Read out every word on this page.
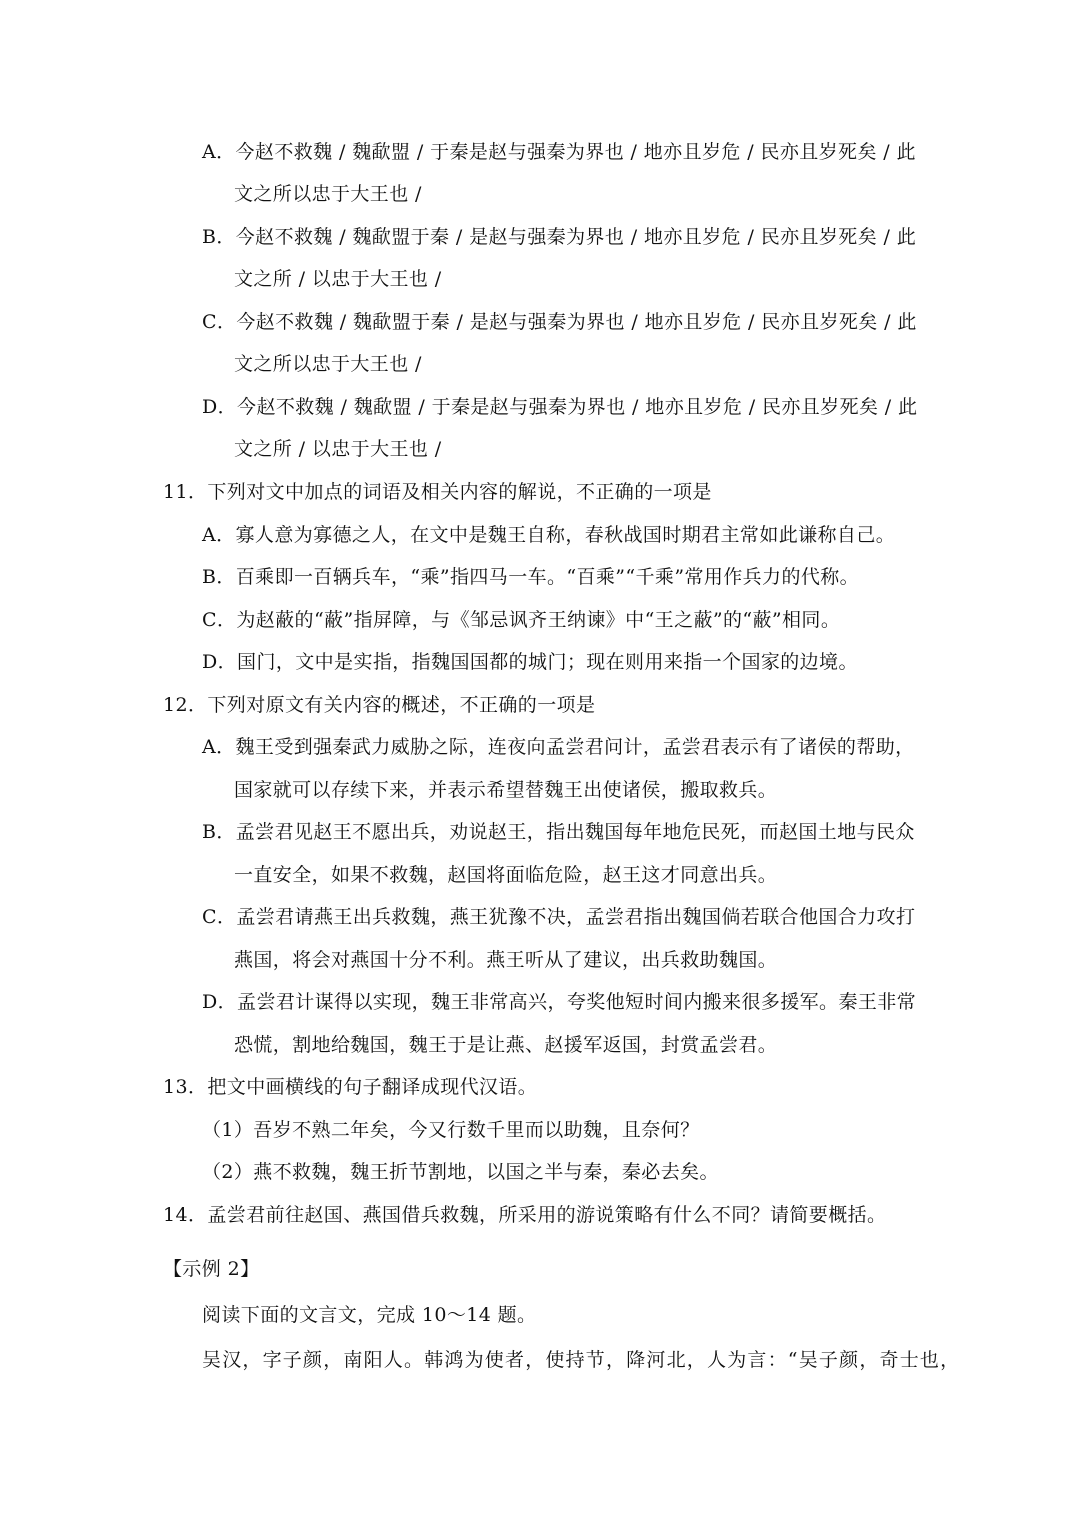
A．今赵不救魏 / 魏歃盟 / 于秦是赵与强秦为界也 / 地亦且岁危 / 民亦且岁死矣 / 此
文之所以忠于大王也 /
B．今赵不救魏 / 魏歃盟于秦 / 是赵与强秦为界也 / 地亦且岁危 / 民亦且岁死矣 / 此
文之所 / 以忠于大王也 /
C．今赵不救魏 / 魏歃盟于秦 / 是赵与强秦为界也 / 地亦且岁危 / 民亦且岁死矣 / 此
文之所以忠于大王也 /
D．今赵不救魏 / 魏歃盟 / 于秦是赵与强秦为界也 / 地亦且岁危 / 民亦且岁死矣 / 此
文之所 / 以忠于大王也 /
11．下列对文中加点的词语及相关内容的解说，不正确的一项是
A．寡人意为寡德之人，在文中是魏王自称，春秋战国时期君主常如此谦称自己。
B．百乘即一百辆兵车，“乘”指四马一车。“百乘”“千乘”常用作兵力的代称。
C．为赵蔽的“蔽”指屏障，与《邹忌讽齐王纳谏》中“王之蔽”的“蔽”相同。
D．国门，文中是实指，指魏国国都的城门；现在则用来指一个国家的边境。
12．下列对原文有关内容的概述，不正确的一项是
A．魏王受到强秦武力威胁之际，连夜向孟尝君问计，孟尝君表示有了诸侯的帮助，
国家就可以存续下来，并表示希望替魏王出使诸侯，搬取救兵。
B．孟尝君见赵王不愿出兵，劝说赵王，指出魏国每年地危民死，而赵国土地与民众
一直安全，如果不救魏，赵国将面临危险，赵王这才同意出兵。
C．孟尝君请燕王出兵救魏，燕王犹豫不决，孟尝君指出魏国倘若联合他国合力攻打
燕国，将会对燕国十分不利。燕王听从了建议，出兵救助魏国。
D．孟尝君计谋得以实现，魏王非常高兴，夸奖他短时间内搬来很多援军。秦王非常
恐慌，割地给魏国，魏王于是让燕、赵援军返国，封赏孟尝君。
13．把文中画横线的句子翻译成现代汉语。
（1）吾岁不熟二年矣，今又行数千里而以助魏，且奈何？
（2）燕不救魏，魏王折节割地，以国之半与秦，秦必去矣。
14．孟尝君前往赵国、燕国借兵救魏，所采用的游说策略有什么不同？请简要概括。
【示例 2】
阅读下面的文言文，完成 10～14 题。
吴汉，字子颜，南阳人。韩鸿为使者，使持节，降河北，人为言：“吴子颜，奇士也，
